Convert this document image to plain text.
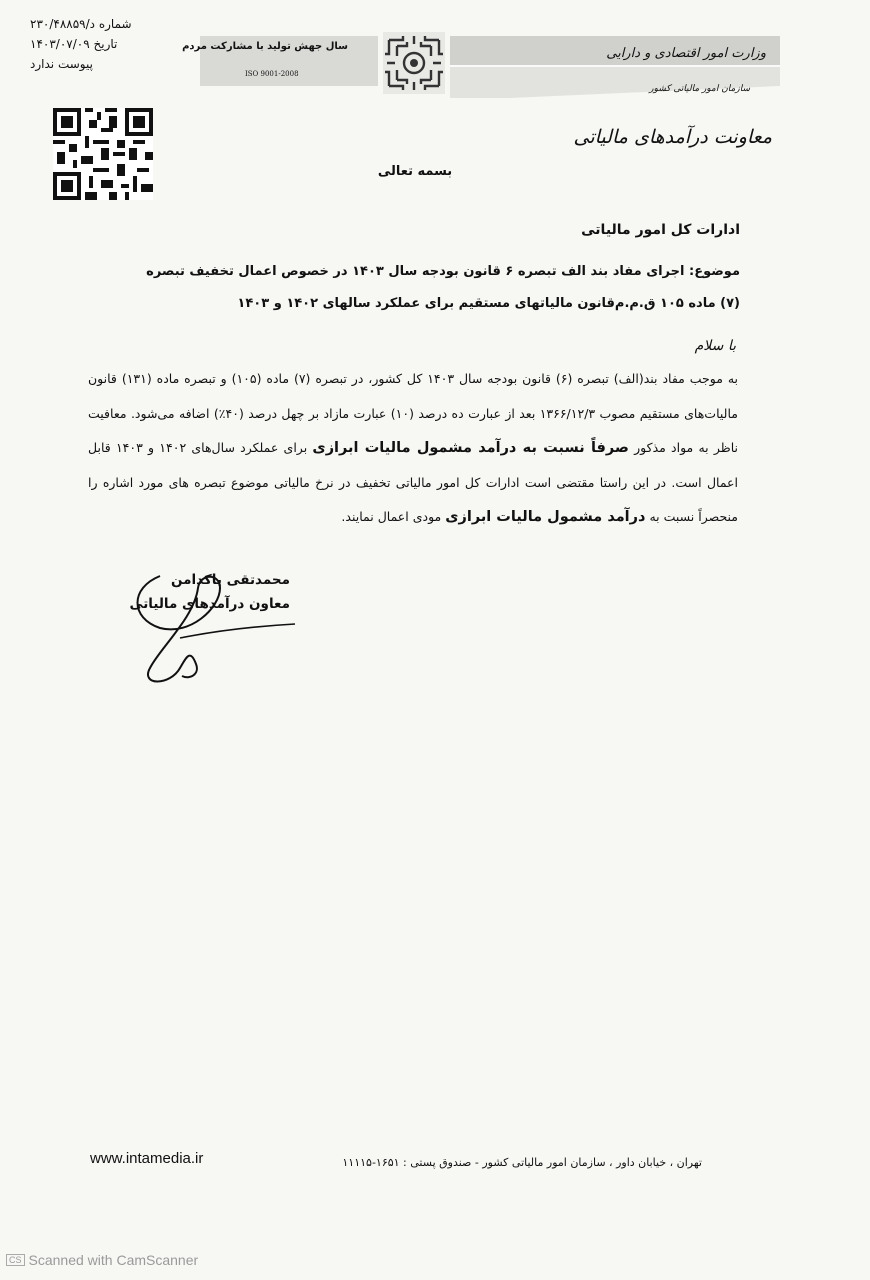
شماره د/۲۳۰/۴۸۸۵۹
تاریخ ۱۴۰۳/۰۷/۰۹
پیوست ندارد
سال جهش تولید با مشارکت مردم
ISO 9001-2008
وزارت امور اقتصادی و دارایی
سازمان امور مالیاتی کشور
معاونت درآمدهای مالیاتی
بسمه تعالی
ادارات کل امور مالیاتی
موضوع: اجرای مفاد بند الف تبصره ۶ قانون بودجه سال ۱۴۰۳ در خصوص اعمال تخفیف تبصره (۷) ماده ۱۰۵ ق.م.م‌قانون مالیاتهای مستقیم برای عملکرد سالهای ۱۴۰۲ و ۱۴۰۳
با سلام
به موجب مفاد بند(الف) تبصره (۶) قانون بودجه سال ۱۴۰۳ کل کشور، در تبصره (۷) ماده (۱۰۵) و تبصره ماده (۱۳۱) قانون مالیات‌های مستقیم مصوب ۱۳۶۶/۱۲/۳ بعد از عبارت ده درصد (۱۰) عبارت مازاد بر چهل درصد (۴۰٪) اضافه می‌شود. معافیت ناظر به مواد مذکور صرفاً نسبت به درآمد مشمول مالیات ابرازی برای عملکرد سال‌های ۱۴۰۲ و ۱۴۰۳ قابل اعمال است. در این راستا مقتضی است ادارات کل امور مالیاتی تخفیف در نرخ مالیاتی موضوع تبصره های مورد اشاره را منحصراً نسبت به درآمد مشمول مالیات ابرازی مودی اعمال نمایند.
محمدتقی پاکدامن
معاون درآمدهای مالیاتی
www.intamedia.ir	تهران ، خیابان داور ، سازمان امور مالیاتی کشور - صندوق پستی : ۱۶۵۱-۱۱۱۱۵
CS Scanned with CamScanner
